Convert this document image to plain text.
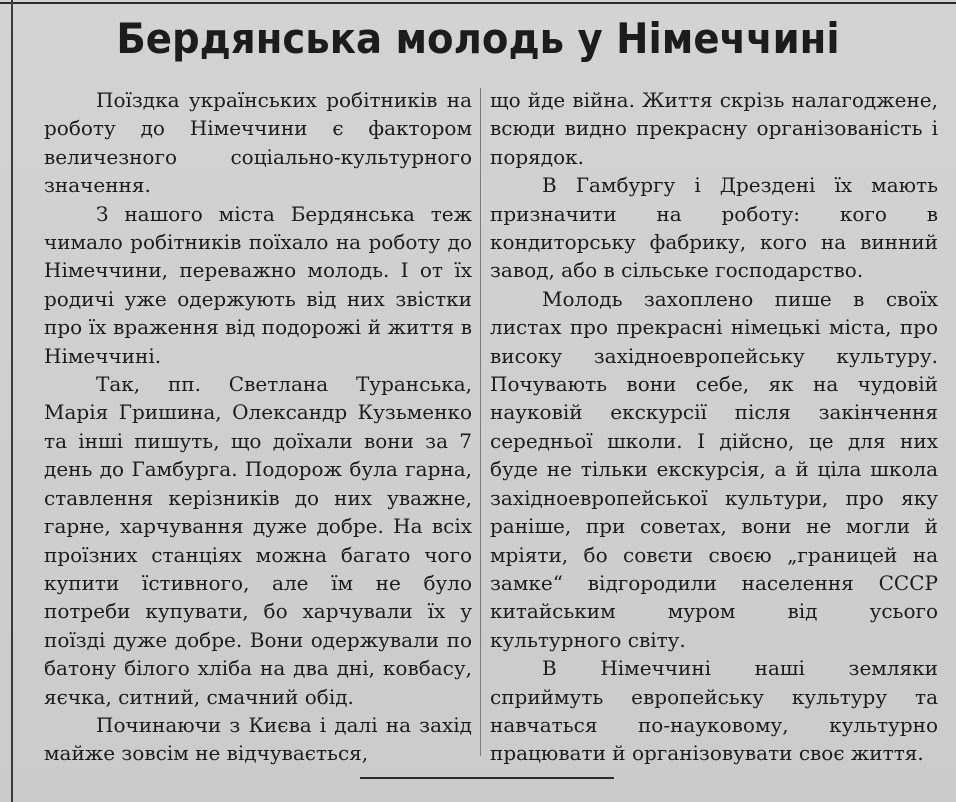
Бердянська молодь у Німеччині

Поїздка українських робітників на роботу до Німеччини є фактором величезного соціально-культурного значення.

З нашого міста Бердянська теж чимало робітників поїхало на роботу до Німеччини, переважно молодь. І от їх родичі уже одержують від них звістки про їх враження від подорожі й життя в Німеччині.

Так, пп. Светлана Туранська, Марія Гришина, Олександр Кузьменко та інші пишуть, що доїхали вони за 7 день до Гамбурга. Подорож була гарна, ставлення керізників до них уважне, гарне, харчування дуже добре. На всіх проїзних станціях можна багато чого купити їстивного, але їм не було потреби купувати, бо харчували їх у поїзді дуже добре. Вони одержували по батону білого хліба на два дні, ковбасу, яєчка, ситний, смачний обід.

Починаючи з Києва і далі на захід майже зовсім не відчувається,

що йде війна. Життя скрізь налагоджене, всюди видно прекрасну організованість і порядок.

В Гамбургу і Дрездені їх мають призначити на роботу: кого в кондиторську фабрику, кого на винний завод, або в сільське господарство.

Молодь захоплено пише в своїх листах про прекрасні німецькі міста, про високу західноевропейську культуру. Почувають вони себе, як на чудовій науковій екскурсії після закінчення середньої школи. І дійсно, це для них буде не тільки екскурсія, а й ціла школа західноевропейської культури, про яку раніше, при советах, вони не могли й мріяти, бо совєти своєю „границей на замке“ відгородили населення СССР китайським муром від усього культурного світу.

В Німеччині наші земляки сприймуть европейську культуру та навчаться по-науковому, культурно працювати й організовувати своє життя.
